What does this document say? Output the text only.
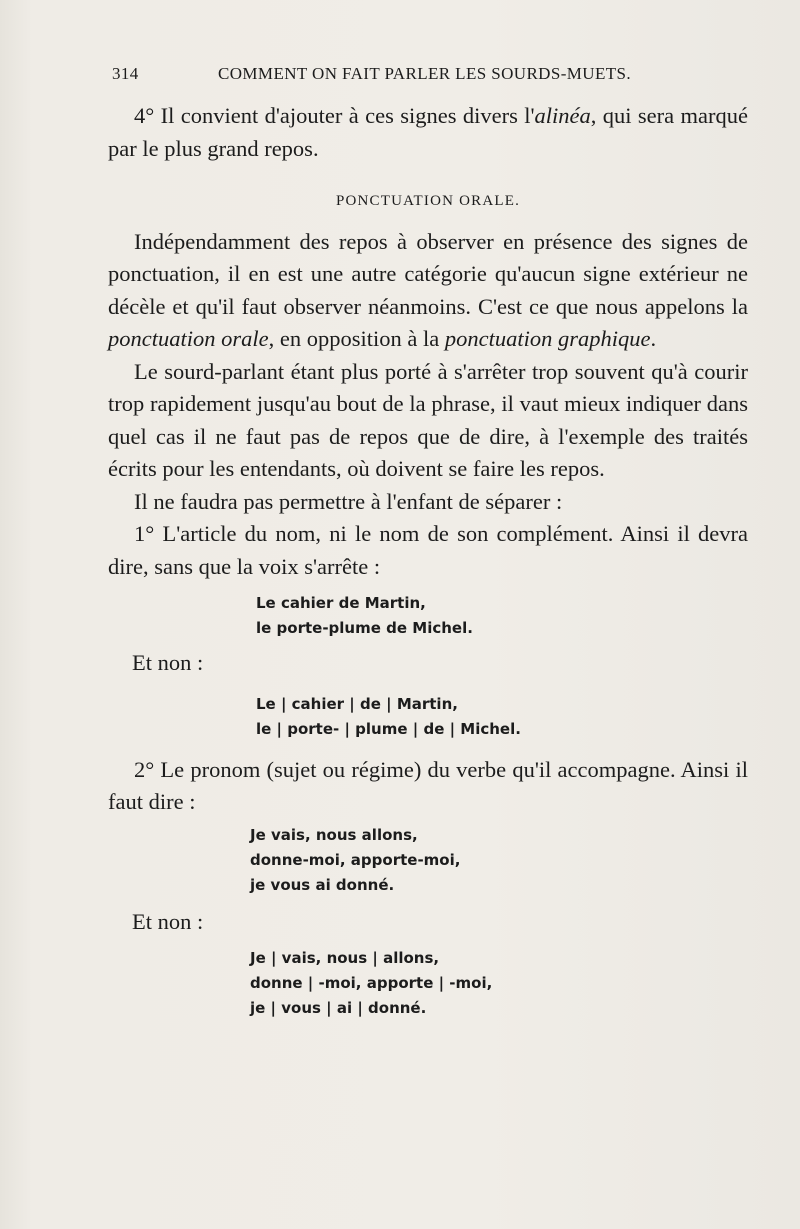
314	COMMENT ON FAIT PARLER LES SOURDS-MUETS.

4° Il convient d'ajouter à ces signes divers l'alinéa, qui sera marqué par le plus grand repos.

PONCTUATION ORALE.

Indépendamment des repos à observer en présence des signes de ponctuation, il en est une autre catégorie qu'aucun signe extérieur ne décèle et qu'il faut observer néanmoins. C'est ce que nous appelons la ponctuation orale, en opposition à la ponctuation graphique.

Le sourd-parlant étant plus porté à s'arrêter trop souvent qu'à courir trop rapidement jusqu'au bout de la phrase, il vaut mieux indiquer dans quel cas il ne faut pas de repos que de dire, à l'exemple des traités écrits pour les entendants, où doivent se faire les repos.

Il ne faudra pas permettre à l'enfant de séparer :

1° L'article du nom, ni le nom de son complément. Ainsi il devra dire, sans que la voix s'arrête :

Le cahier de Martin,
le porte-plume de Michel.

Et non :

Le | cahier | de | Martin,
le | porte- | plume | de | Michel.

2° Le pronom (sujet ou régime) du verbe qu'il accompagne. Ainsi il faut dire :

Je vais, nous allons,
donne-moi, apporte-moi,
je vous ai donné.

Et non :

Je | vais, nous | allons,
donne | -moi, apporte | -moi,
je | vous | ai | donné.
